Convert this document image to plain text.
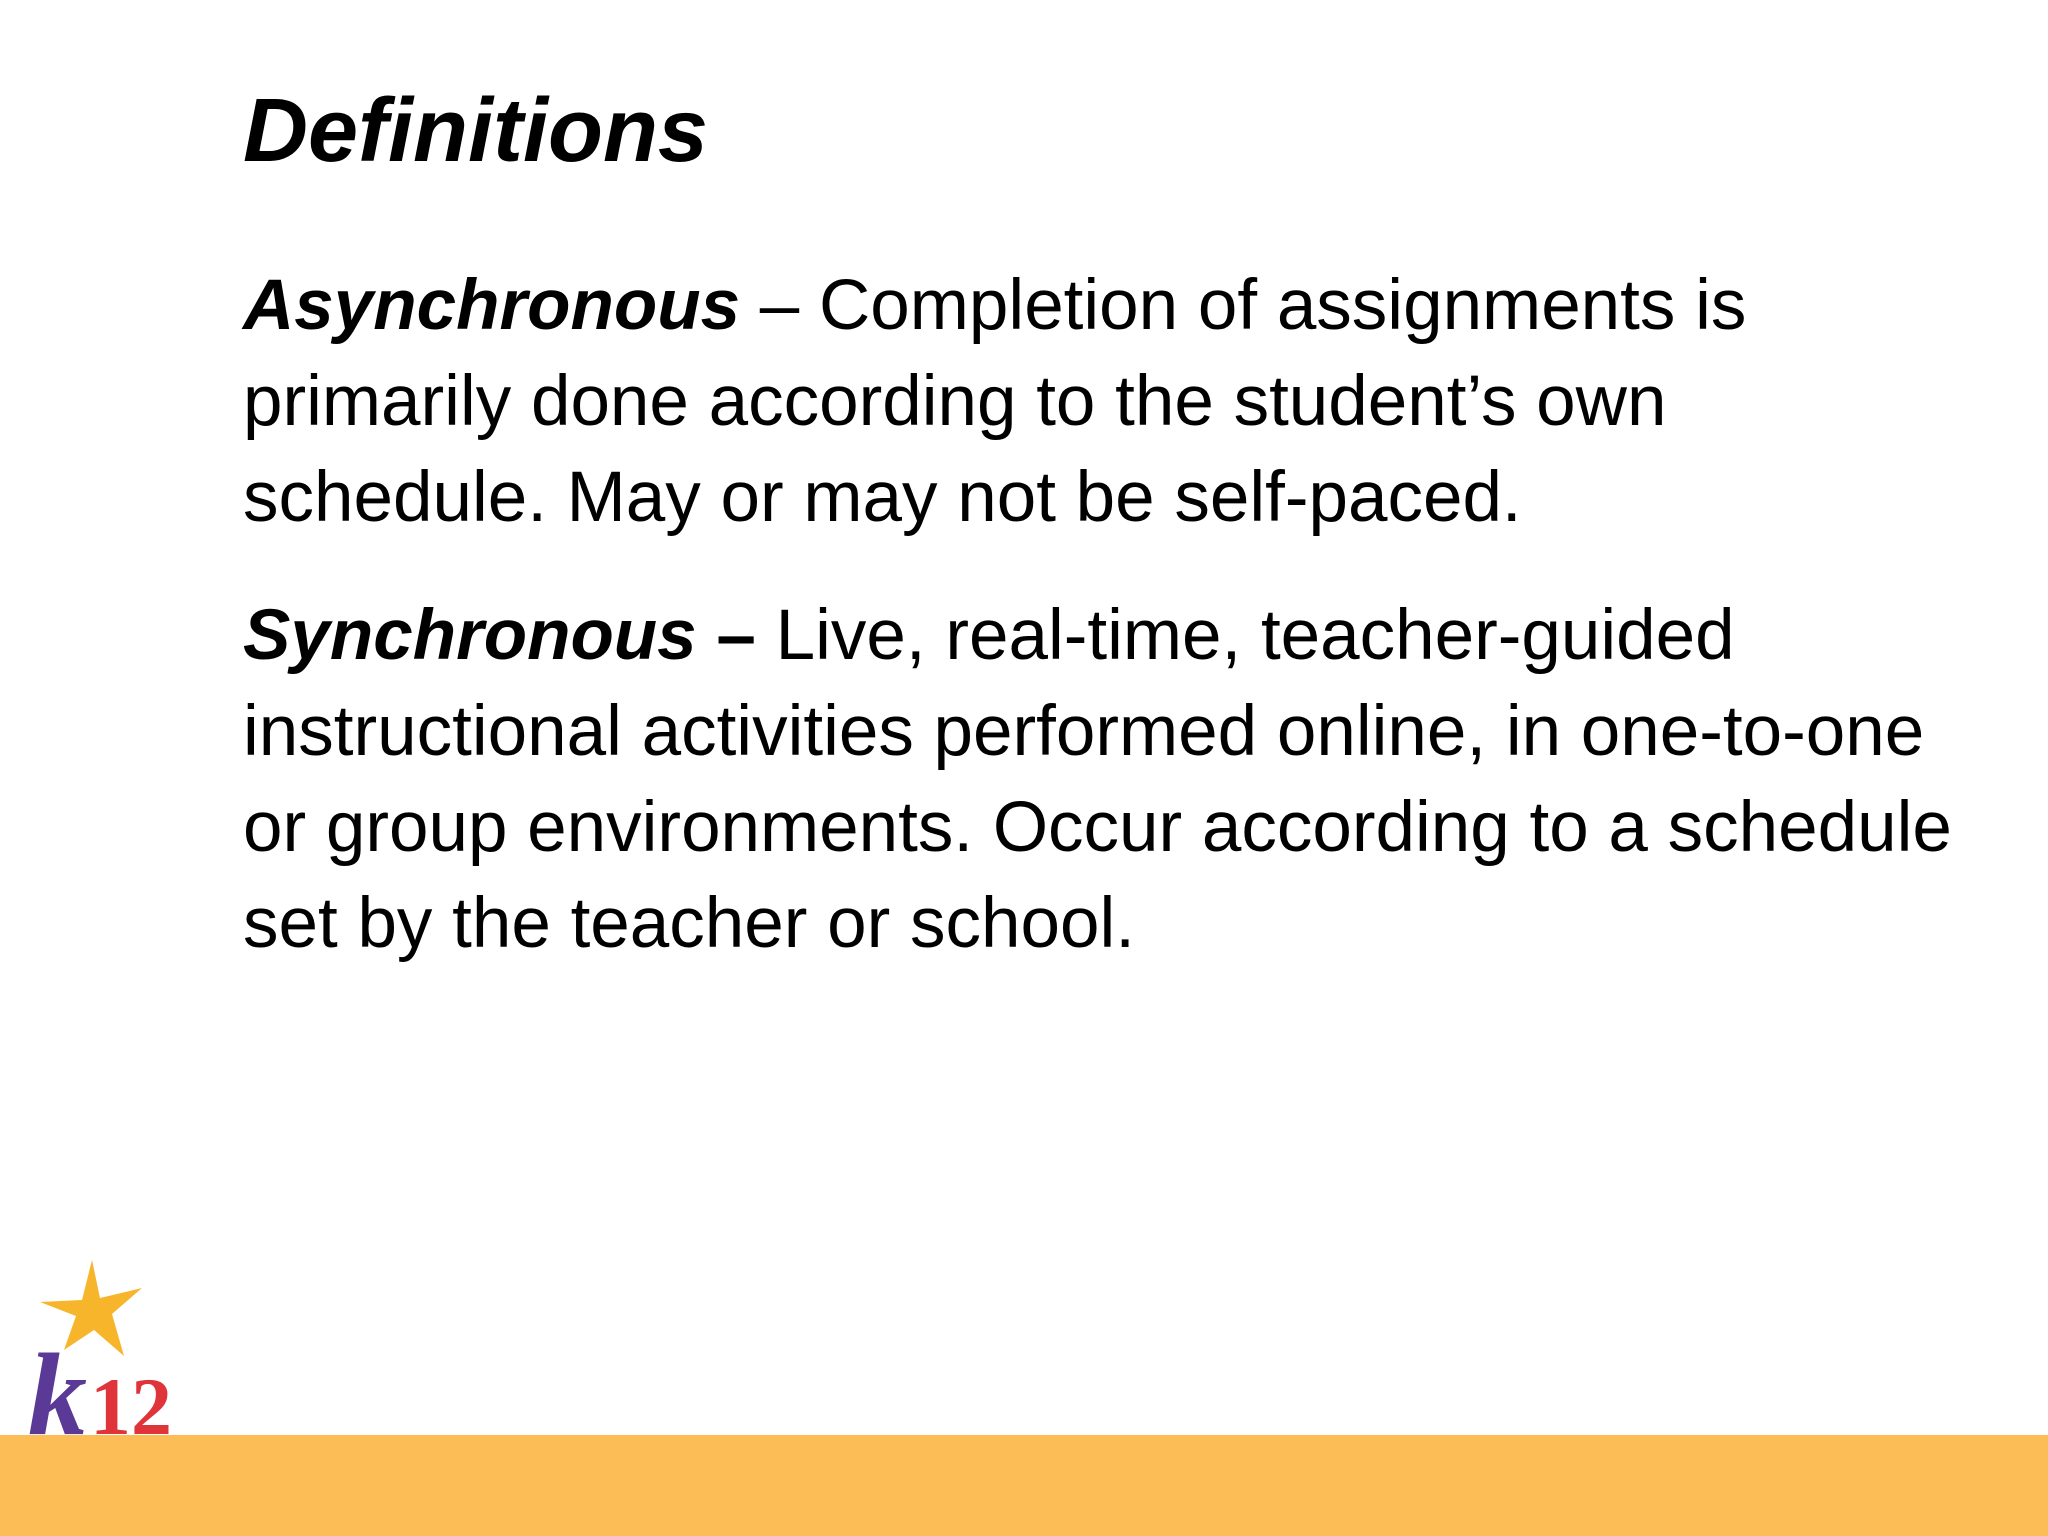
Definitions

Asynchronous – Completion of assignments is primarily done according to the student’s own schedule. May or may not be self-paced.

Synchronous – Live, real-time, teacher-guided instructional activities performed online, in one-to-one or group environments. Occur according to a schedule set by the teacher or school.

k 12
